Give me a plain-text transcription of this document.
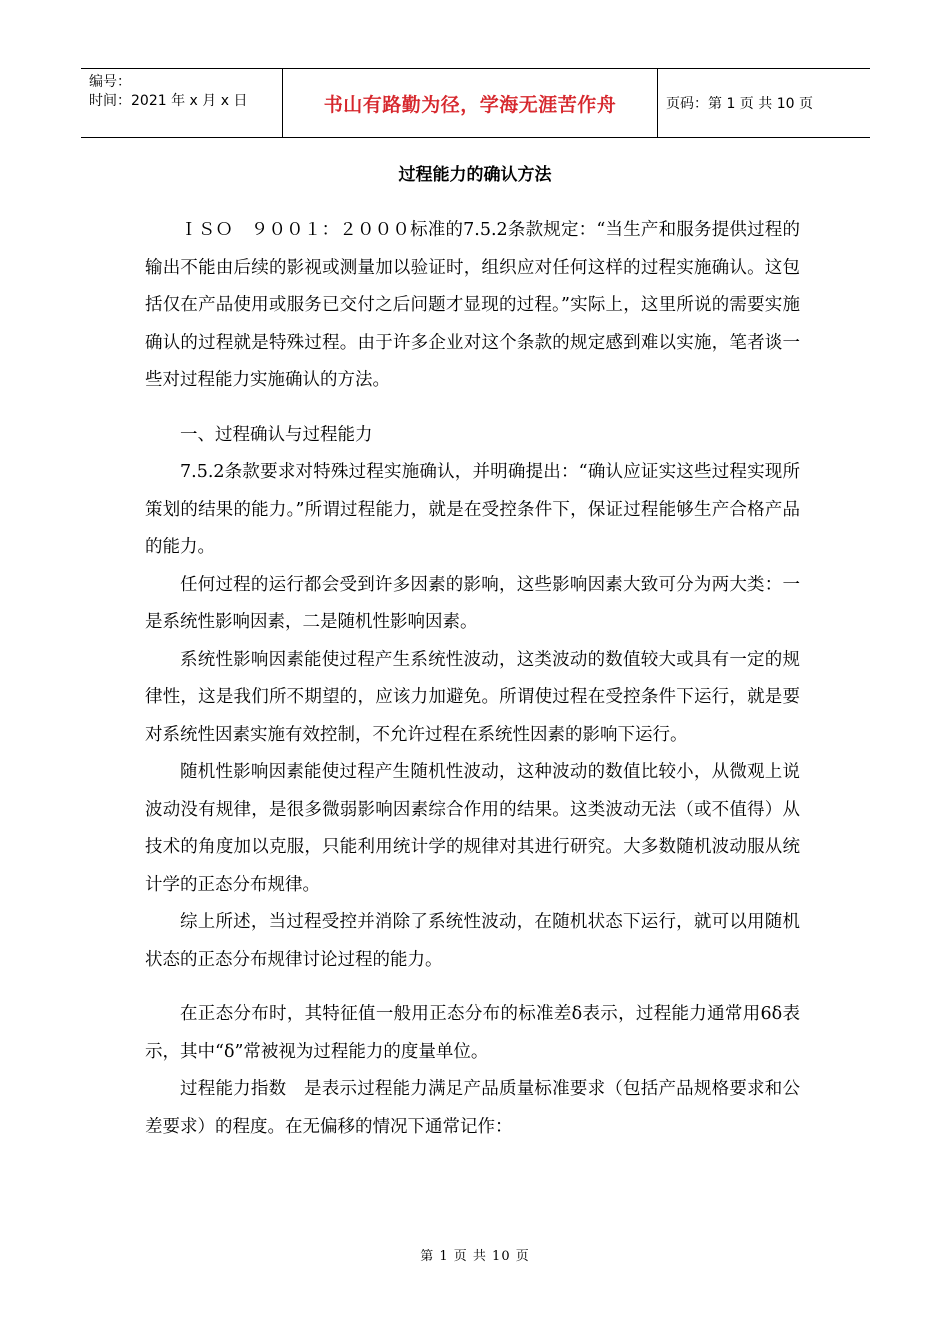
编号：
时间：2021 年 x 月 x 日	书山有路勤为径，学海无涯苦作舟	页码：第 1 页 共 10 页
过程能力的确认方法

ＩＳＯ　９００１：２０００标准的7.5.2条款规定：“当生产和服务提供过程的输出不能由后续的影视或测量加以验证时，组织应对任何这样的过程实施确认。这包括仅在产品使用或服务已交付之后问题才显现的过程。”实际上，这里所说的需要实施确认的过程就是特殊过程。由于许多企业对这个条款的规定感到难以实施，笔者谈一些对过程能力实施确认的方法。

一、过程确认与过程能力

7.5.2条款要求对特殊过程实施确认，并明确提出：“确认应证实这些过程实现所策划的结果的能力。”所谓过程能力，就是在受控条件下，保证过程能够生产合格产品的能力。

任何过程的运行都会受到许多因素的影响，这些影响因素大致可分为两大类：一是系统性影响因素，二是随机性影响因素。

系统性影响因素能使过程产生系统性波动，这类波动的数值较大或具有一定的规律性，这是我们所不期望的，应该力加避免。所谓使过程在受控条件下运行，就是要对系统性因素实施有效控制，不允许过程在系统性因素的影响下运行。

随机性影响因素能使过程产生随机性波动，这种波动的数值比较小，从微观上说波动没有规律，是很多微弱影响因素综合作用的结果。这类波动无法（或不值得）从技术的角度加以克服，只能利用统计学的规律对其进行研究。大多数随机波动服从统计学的正态分布规律。

综上所述，当过程受控并消除了系统性波动，在随机状态下运行，就可以用随机状态的正态分布规律讨论过程的能力。

在正态分布时，其特征值一般用正态分布的标准差δ表示，过程能力通常用6δ表示，其中“δ”常被视为过程能力的度量单位。

过程能力指数　是表示过程能力满足产品质量标准要求（包括产品规格要求和公差要求）的程度。在无偏移的情况下通常记作：

第 1 页 共 10 页
